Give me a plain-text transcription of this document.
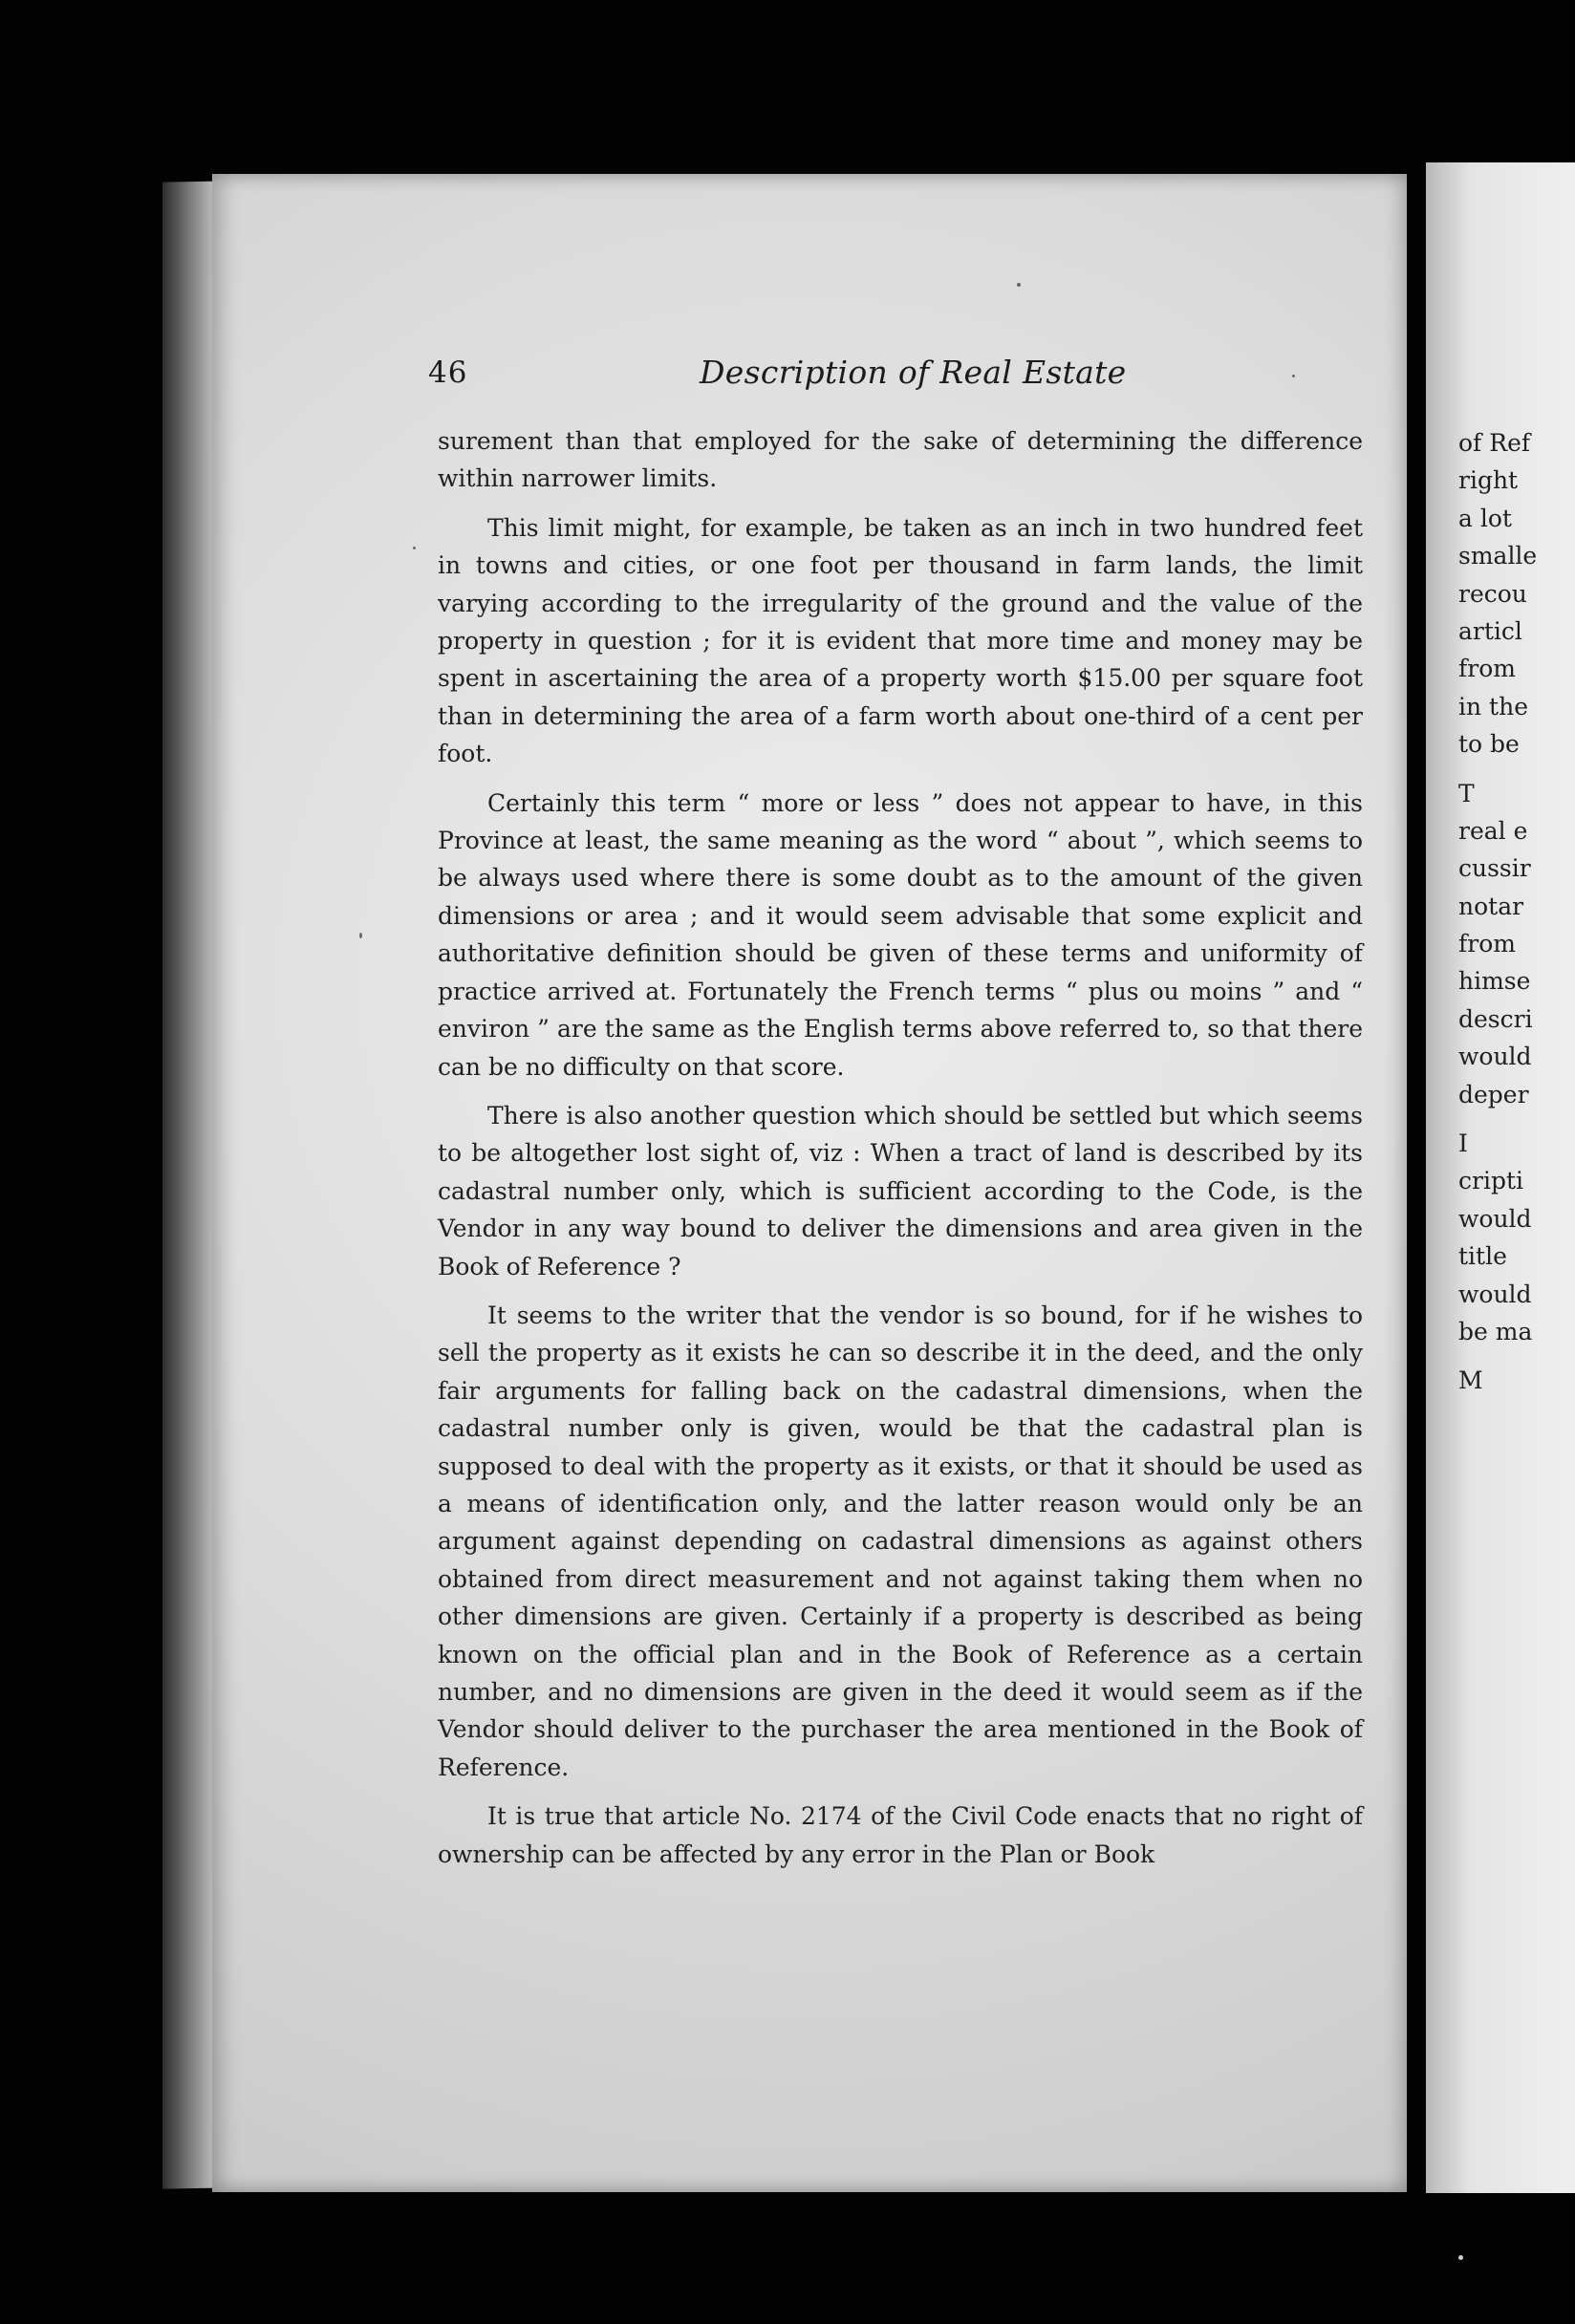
46	Description of Real Estate

surement than that employed for the sake of determining the difference within narrower limits.

This limit might, for example, be taken as an inch in two hundred feet in towns and cities, or one foot per thousand in farm lands, the limit varying according to the irregularity of the ground and the value of the property in question ; for it is evident that more time and money may be spent in ascertaining the area of a property worth $15.00 per square foot than in determining the area of a farm worth about one-third of a cent per foot.

Certainly this term “ more or less ” does not appear to have, in this Province at least, the same meaning as the word “ about ”, which seems to be always used where there is some doubt as to the amount of the given dimensions or area ; and it would seem advisable that some explicit and authoritative definition should be given of these terms and uniformity of practice arrived at. Fortunately the French terms “ plus ou moins ” and “ environ ” are the same as the English terms above referred to, so that there can be no difficulty on that score.

There is also another question which should be settled but which seems to be altogether lost sight of, viz : When a tract of land is described by its cadastral number only, which is sufficient according to the Code, is the Vendor in any way bound to deliver the dimensions and area given in the Book of Reference ?

It seems to the writer that the vendor is so bound, for if he wishes to sell the property as it exists he can so describe it in the deed, and the only fair arguments for falling back on the cadastral dimensions, when the cadastral number only is given, would be that the cadastral plan is supposed to deal with the property as it exists, or that it should be used as a means of identification only, and the latter reason would only be an argument against depending on cadastral dimensions as against others obtained from direct measurement and not against taking them when no other dimensions are given. Certainly if a property is described as being known on the official plan and in the Book of Reference as a certain number, and no dimensions are given in the deed it would seem as if the Vendor should deliver to the purchaser the area mentioned in the Book of Reference.

It is true that article No. 2174 of the Civil Code enacts that no right of ownership can be affected by any error in the Plan or Book

of Ref
right
a lot
smalle
recou
articl
from
in the
to be
T
real e
cussir
notar
from
himse
descri
would
deper
I
cripti
would
title
would
be ma
M
